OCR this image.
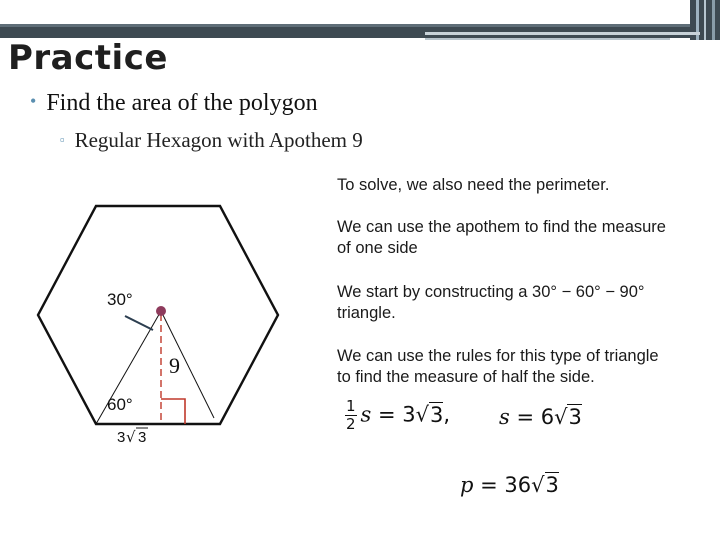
Practice
• Find the area of the polygon
▫ Regular Hexagon with Apothem 9
30°
60°
9
3 √ 3

To solve, we also need the perimeter.

We can use the apothem to find the measure

of one side

We start by constructing a 30° − 60° − 90°

triangle.

We can use the rules for this type of triangle

to find the measure of half the side.

$\frac{1}{2}$ s = 3√3, s = 6√3
p = 36√3
